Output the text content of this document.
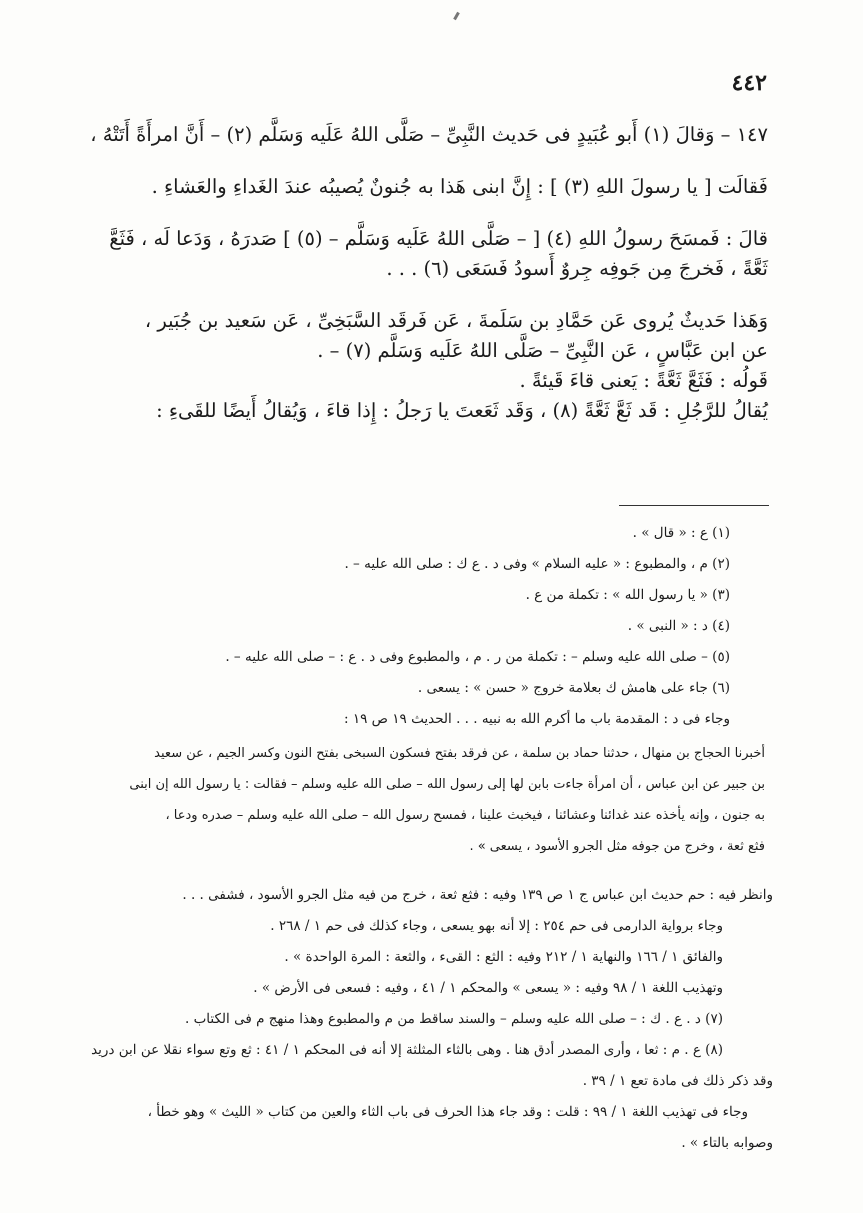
٤٤٢
١٤٧ – وَقالَ (١) أَبو عُبَيدٍ فى حَديث النَّبِىِّ – صَلَّى اللهُ عَلَيه وَسَلَّم (٢) – أَنَّ امرأَةً أَتَتْهُ ،
فَقالَت [ يا رسولَ اللهِ (٣) ] : إِنَّ ابنى هَذا به جُنونٌ يُصيبُه عندَ الغَداءِ والعَشاءِ .
قالَ : فَمسَحَ رسولُ اللهِ (٤) [ – صَلَّى اللهُ عَلَيه وَسَلَّم – (٥) ] صَدرَهُ ، وَدَعا لَه ، فَثَعَّ
ثَعَّةً ، فَخرجَ مِن جَوفِه جِروٌ أَسودُ فَسَعَى (٦) . . .
وَهَذا حَديثٌ يُروى عَن حَمَّادِ بن سَلَمةَ ، عَن فَرقَد السَّبَخِىِّ ، عَن سَعيد بن جُبَير ،
عن ابن عَبَّاسٍ ، عَن النَّبِىِّ – صَلَّى اللهُ عَلَيه وَسَلَّم (٧) – .
قَولُه : فَثَعَّ ثَعَّةً : يَعنى قاءَ قَيئةً .
يُقالُ للرَّجُلِ : قَد ثَعَّ ثَعَّةً (٨) ، وَقَد ثَعَعتَ يا رَجلُ : إِذا قاءَ ، وَيُقالُ أَيضًا للقَىءِ :
(١) ع : « قال » .
(٢) م ، والمطبوع : « عليه السلام » وفى د . ع ك : صلى الله عليه – .
(٣) « يا رسول الله » : تكملة من ع .
(٤) د : « النبى » .
(٥) – صلى الله عليه وسلم – : تكملة من ر . م ، والمطبوع وفى د . ع : – صلى الله عليه – .
(٦) جاء على هامش ك بعلامة خروج « حسن » : يسعى .
وجاء فى د : المقدمة باب ما أكرم الله به نبيه . . . الحديث ١٩ ص ١٩ :
أخبرنا الحجاج بن منهال ، حدثنا حماد بن سلمة ، عن فرقد بفتح فسكون السبخى بفتح النون وكسر الجيم ، عن سعيد
بن جبير عن ابن عباس ، أن امرأة جاءت بابن لها إلى رسول الله – صلى الله عليه وسلم – فقالت : يا رسول الله إن ابنى
به جنون ، وإنه يأخذه عند غدائنا وعشائنا ، فيخبث علينا ، فمسح رسول الله – صلى الله عليه وسلم – صدره ودعا ،
فثع ثعة ، وخرج من جوفه مثل الجرو الأسود ، يسعى » .
وانظر فيه : حم حديث ابن عباس ج ١ ص ١٣٩ وفيه : فثع ثعة ، خرج من فيه مثل الجرو الأسود ، فشفى . . .
وجاء برواية الدارمى فى حم ٢٥٤ : إلا أنه بهو يسعى ، وجاء كذلك فى حم ١ / ٢٦٨ .
والفائق ١ / ١٦٦ والنهاية ١ / ٢١٢ وفيه : الثع : القىء ، والثعة : المرة الواحدة » .
وتهذيب اللغة ١ / ٩٨ وفيه : « يسعى » والمحكم ١ / ٤١ ، وفيه : فسعى فى الأرض » .
(٧) د . ع . ك : – صلى الله عليه وسلم – والسند ساقط من م والمطبوع وهذا منهج م فى الكتاب .
(٨) ع . م : ثعا ، وأرى المصدر أدق هنا . وهى بالثاء المثلثة إلا أنه فى المحكم ١ / ٤١ : ثع وتع سواء نقلا عن ابن دريد
وقد ذكر ذلك فى مادة تعع ١ / ٣٩ .
وجاء فى تهذيب اللغة ١ / ٩٩ : قلت : وقد جاء هذا الحرف فى باب الثاء والعين من كتاب « الليث » وهو خطأ ،
وصوابه بالتاء » .
